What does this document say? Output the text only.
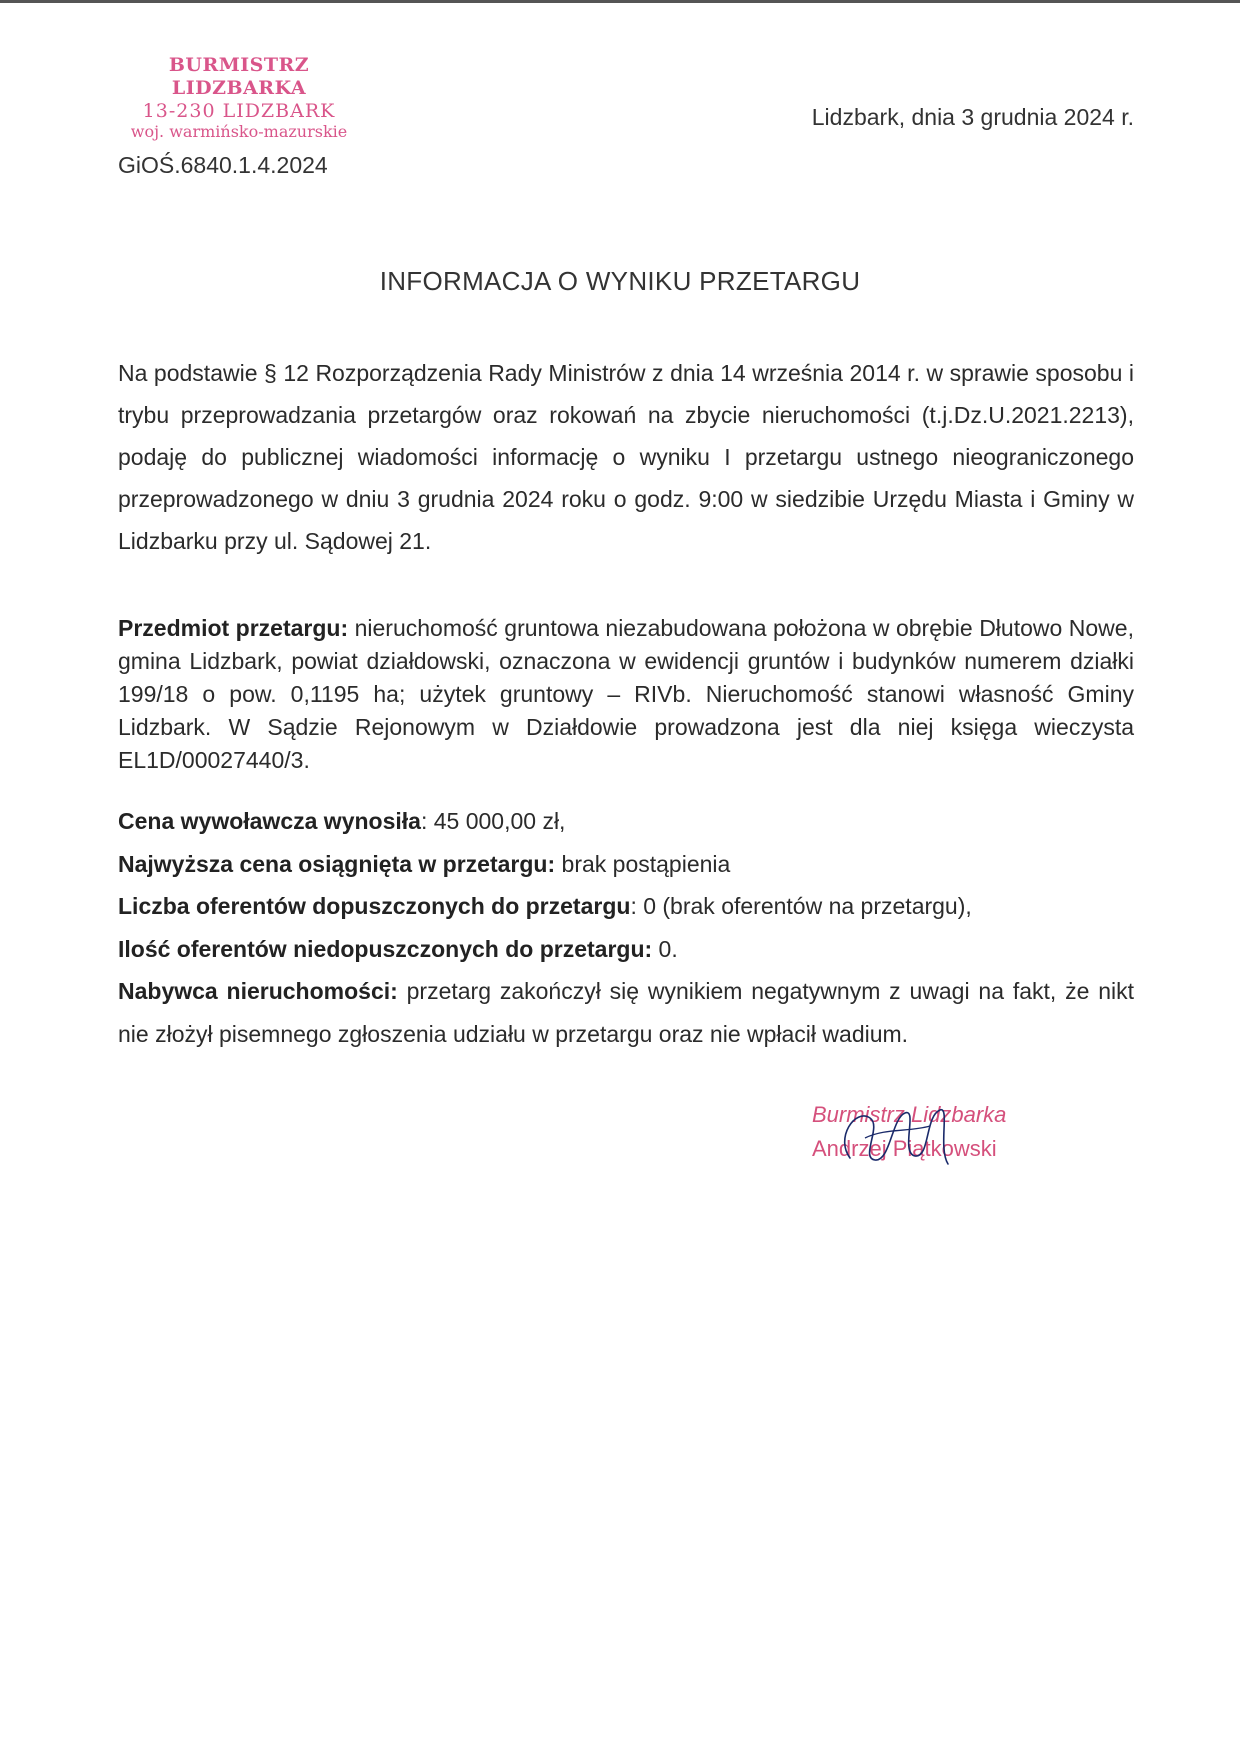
BURMISTRZ LIDZBARKA
13-230 LIDZBARK
woj. warmińsko-mazurskie
Lidzbark, dnia 3 grudnia 2024 r.
GiOŚ.6840.1.4.2024
INFORMACJA O WYNIKU PRZETARGU
Na podstawie § 12 Rozporządzenia Rady Ministrów z dnia 14 września 2014 r. w sprawie sposobu i trybu przeprowadzania przetargów oraz rokowań na zbycie nieruchomości (t.j.Dz.U.2021.2213), podaję do publicznej wiadomości informację o wyniku I przetargu ustnego nieograniczonego przeprowadzonego w dniu 3 grudnia 2024 roku o godz. 9:00 w siedzibie Urzędu Miasta i Gminy w Lidzbarku przy ul. Sądowej 21.
Przedmiot przetargu: nieruchomość gruntowa niezabudowana położona w obrębie Dłutowo Nowe, gmina Lidzbark, powiat działdowski, oznaczona w ewidencji gruntów i budynków numerem działki 199/18 o pow. 0,1195 ha; użytek gruntowy – RIVb. Nieruchomość stanowi własność Gminy Lidzbark. W Sądzie Rejonowym w Działdowie prowadzona jest dla niej księga wieczysta EL1D/00027440/3.
Cena wywoławcza wynosiła: 45 000,00 zł,
Najwyższa cena osiągnięta w przetargu: brak postąpienia
Liczba oferentów dopuszczonych do przetargu: 0 (brak oferentów na przetargu),
Ilość oferentów niedopuszczonych do przetargu: 0.
Nabywca nieruchomości: przetarg zakończył się wynikiem negatywnym z uwagi na fakt, że nikt nie złożył pisemnego zgłoszenia udziału w przetargu oraz nie wpłacił wadium.
Burmistrz Lidzbarka
Andrzej Piątkowski
